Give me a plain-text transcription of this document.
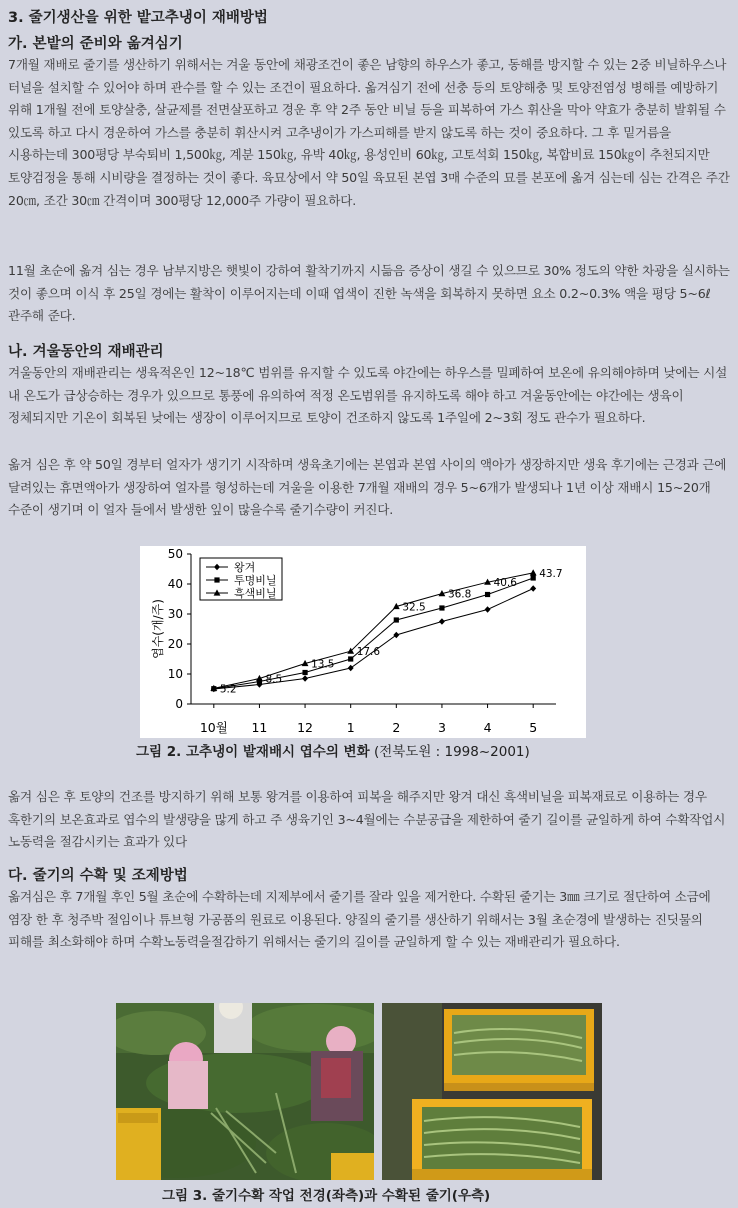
3. 줄기생산을 위한 밭고추냉이 재배방법
가. 본밭의 준비와 옮겨심기

7개월 재배로 줄기를 생산하기 위해서는 겨울 동안에 채광조건이 좋은 남향의 하우스가 좋고, 동해를 방지할 수 있는 2중 비닐하우스나 터널을 설치할 수 있어야 하며 관수를 할 수 있는 조건이 필요하다. 옮겨심기 전에 선충 등의 토양해충 및 토양전염성 병해를 예방하기 위해 1개월 전에 토양살충, 살균제를 전면살포하고 경운 후 약 2주 동안 비닐 등을 피복하여 가스 휘산을 막아 약효가 충분히 발휘될 수 있도록 하고 다시 경운하여 가스를 충분히 휘산시켜 고추냉이가 가스피해를 받지 않도록 하는 것이 중요하다. 그 후 밑거름을 시용하는데 300평당 부숙퇴비 1,500㎏, 계분 150㎏, 유박 40㎏, 용성인비 60㎏, 고토석회 150㎏, 복합비료 150㎏이 추천되지만 토양검정을 통해 시비량을 결정하는 것이 좋다. 육묘상에서 약 50일 육묘된 본엽 3매 수준의 묘를 본포에 옮겨 심는데 심는 간격은 주간 20㎝, 조간 30㎝ 간격이며 300평당 12,000주 가량이 필요하다.

11월 초순에 옮겨 심는 경우 남부지방은 햇빛이 강하여 활착기까지 시듦음 증상이 생길 수 있으므로 30% 정도의 약한 차광을 실시하는 것이 좋으며 이식 후 25일 경에는 활착이 이루어지는데 이때 엽색이 진한 녹색을 회복하지 못하면 요소 0.2~0.3% 액을 평당 5~6ℓ 관주해 준다.

나. 겨울동안의 재배관리

겨울동안의 재배관리는 생육적온인 12~18℃ 범위를 유지할 수 있도록 야간에는 하우스를 밀폐하여 보온에 유의해야하며 낮에는 시설 내 온도가 급상승하는 경우가 있으므로 통풍에 유의하여 적정 온도범위를 유지하도록 해야 하고 겨울동안에는 야간에는 생육이 정체되지만 기온이 회복된 낮에는 생장이 이루어지므로 토양이 건조하지 않도록 1주일에 2~3회 정도 관수가 필요하다.

옮겨 심은 후 약 50일 경부터 얼자가 생기기 시작하며 생육초기에는 본엽과 본엽 사이의 액아가 생장하지만 생육 후기에는 근경과 근에 달려있는 휴면액아가 생장하여 얼자를 형성하는데 겨울을 이용한 7개월 재배의 경우 5~6개가 발생되나 1년 이상 재배시 15~20개 수준이 생기며 이 얼자 들에서 발생한 잎이 많을수록 줄기수량이 커진다.

0
10
20
30
40
50
10월 11 12	1	2	3	4	5
엽수(개/주)
5.2
8.5
13.5
17.6
32.5
36.8
40.6
43.7
왕겨
투명비닐
흑색비닐
그림 2. 고추냉이 밭재배시 엽수의 변화 (전북도원 : 1998~2001)

옮겨 심은 후 토양의 건조를 방지하기 위해 보통 왕겨를 이용하여 피복을 해주지만 왕겨 대신 흑색비닐을 피복재료로 이용하는 경우 혹한기의 보온효과로 엽수의 발생량을 많게 하고 주 생육기인 3~4월에는 수분공급을 제한하여 줄기 길이를 균일하게 하여 수확작업시 노동력을 절감시키는 효과가 있다

다. 줄기의 수확 및 조제방법

옮겨심은 후 7개월 후인 5월 초순에 수확하는데 지제부에서 줄기를 잘라 잎을 제거한다. 수확된 줄기는 3㎜ 크기로 절단하여 소금에 염장 한 후 청주박 절임이나 튜브형 가공품의 원료로 이용된다. 양질의 줄기를 생산하기 위해서는 3월 초순경에 발생하는 진딧물의 피해를 최소화해야 하며 수확노동력을절감하기 위해서는 줄기의 길이를 균일하게 할 수 있는 재배관리가 필요하다.

그림 3. 줄기수확 작업 전경(좌측)과 수확된 줄기(우측)
